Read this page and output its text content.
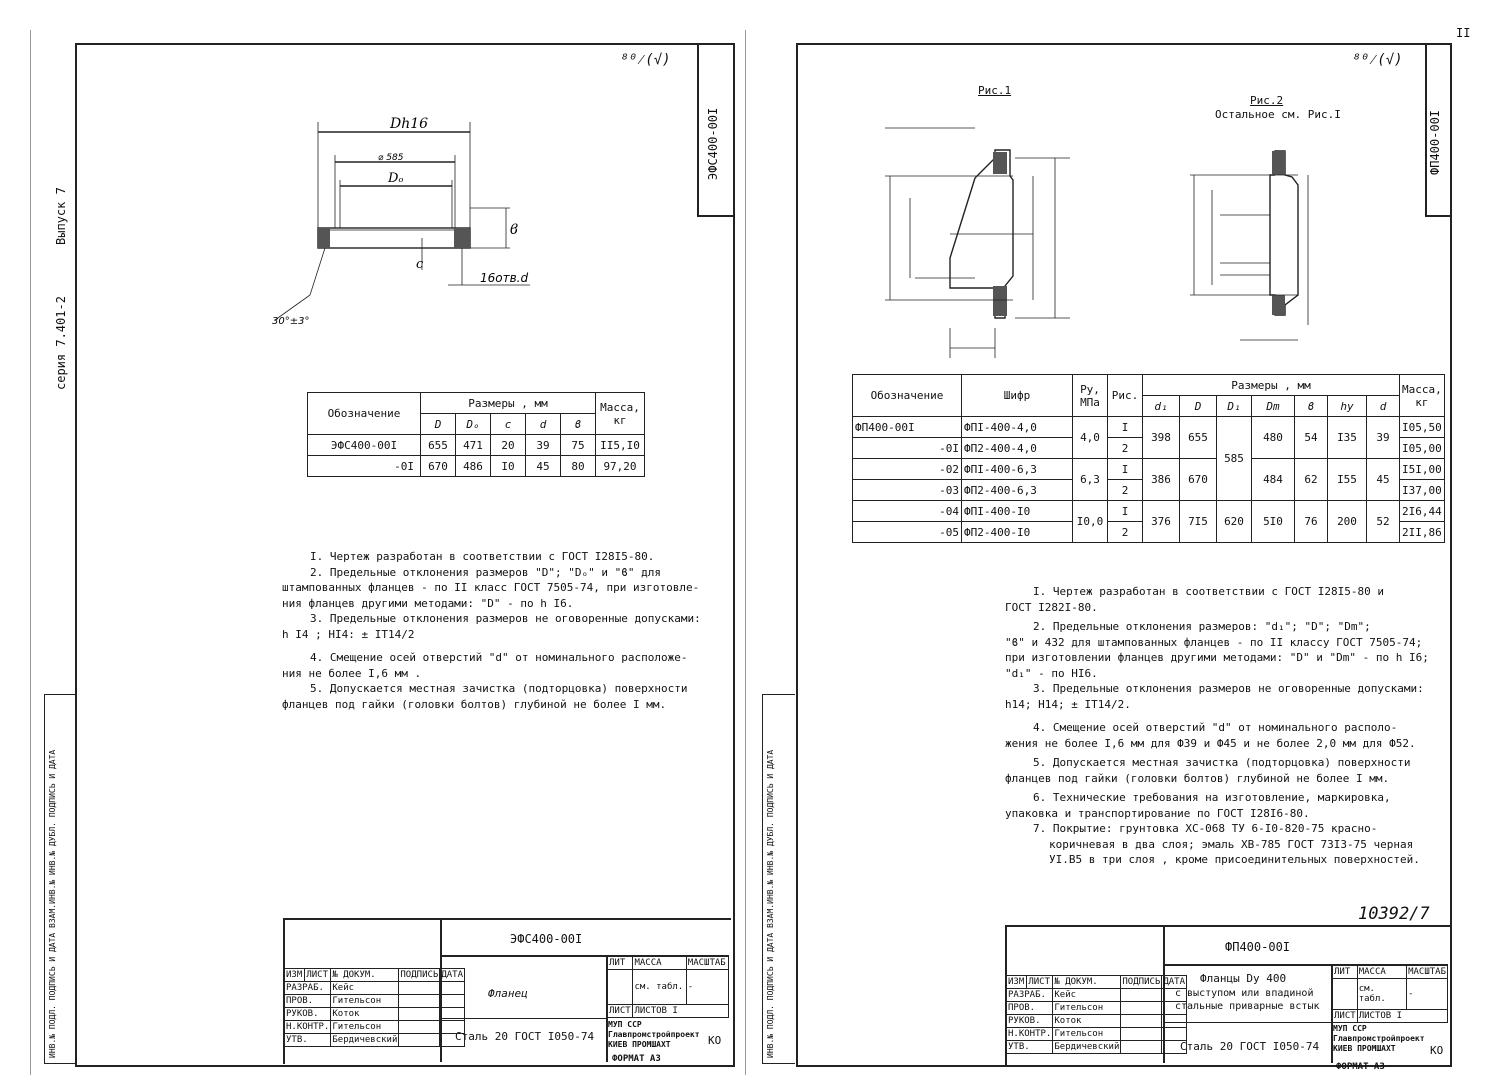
серия 7.401-2
Выпуск 7
ИНВ.№ ПОДЛ. ПОДПИСЬ И ДАТА ВЗАМ.ИНВ.№ ИНВ.№ ДУБЛ. ПОДПИСЬ И ДАТА
ЭФС400-00I
⁸⁰⁄(√)
Dh16
⌀ 585
Dₒ
ϐ
c
16отв.d
30°±3°
Обозначение	Размеры , мм					Масса, кг
	D	Dₒ	c	d	ϐ	
ЭФС400-00I	655	471	20	39	75	II5,I0
-0I	670	486	I0	45	80	97,20
I. Чертеж разработан в соответствии с ГОСТ I28I5-80.
2. Предельные отклонения размеров "D"; "Dₒ" и "ϐ" для
штампованных фланцев - по II класс ГОСТ 7505-74, при изготовле-
ния фланцев другими методами: "D" - по h I6.
3. Предельные отклонения размеров не оговоренные допусками:
h I4 ; HI4: ± IT14/2
4. Смещение осей отверстий "d" от номинального расположе-
ния не более I,6 мм .
5. Допускается местная зачистка (подторцовка) поверхности
фланцев под гайки (головки болтов) глубиной не более I мм.
ЭФС400-00I
Фланец
Сталь 20 ГОСТ I050-74
ИЗМ	ЛИСТ	№ ДОКУМ.	ПОДПИСЬ	ДАТА
РАЗРАБ.		Кейс		
ПРОВ.		Гительсон		
РУКОВ.		Коток		
Н.КОНТР.		Гительсон		
УТВ.		Бердичевский		
ЛИТ	МАССА	МАСШТАБ
	см. табл.	-
ЛИСТ	ЛИСТОВ I	
МУП ССР Главпромстройпроект КИЕВ ПРОМШАХТ	КО
ФОРМАТ А3
ИНВ.№ ПОДЛ. ПОДПИСЬ И ДАТА ВЗАМ.ИНВ.№ ИНВ.№ ДУБЛ. ПОДПИСЬ И ДАТА
ФП400-00I
II
⁸⁰⁄(√)
Рис.1
Рис.2
Остальное см. Рис.I
Обозначение	Шифр	Pу, МПа	Рис.	Размеры , мм							Масса, кг
				d₁	D	D₁	Dm	ϐ	hy	d	
ФП400-00I	ФПI-400-4,0	4,0	I	398	655	585	480	54	I35	39	I05,50
-0I	ФП2-400-4,0		2								I05,00
-02	ФПI-400-6,3	6,3	I	386	670		484	62	I55	45	I5I,00
-03	ФП2-400-6,3		2								I37,00
-04	ФПI-400-I0	I0,0	I	376	7I5	620	5I0	76	200	52	2I6,44
-05	ФП2-400-I0		2								2II,86
I. Чертеж разработан в соответствии с ГОСТ I28I5-80 и
ГОСТ I282I-80.
2. Предельные отклонения размеров: "d₁"; "D"; "Dm";
"ϐ" и 432 для штампованных фланцев - по II классу ГОСТ 7505-74;
при изготовлении фланцев другими методами: "D" и "Dm" - по h I6;
"d₁" - по HI6.
3. Предельные отклонения размеров не оговоренные допусками:
h14; H14; ± IT14/2.
4. Смещение осей отверстий "d" от номинального располо-
жения не более I,6 мм для Ф39 и Ф45 и не более 2,0 мм для Ф52.
5. Допускается местная зачистка (подторцовка) поверхности
фланцев под гайки (головки болтов) глубиной не более I мм.
6. Технические требования на изготовление, маркировка,
упаковка и транспортирование по ГОСТ I28I6-80.
7. Покрытие: грунтовка ХС-068 ТУ 6-I0-820-75 красно-
коричневая в два слоя; эмаль ХВ-785 ГОСТ 73I3-75 черная
УI.В5 в три слоя , кроме присоединительных поверхностей.
10392/7
ФП400-00I
Фланцы Dу 400
с выступом или впадиной
стальные приварные встык
Сталь 20 ГОСТ I050-74
ИЗМ	ЛИСТ	№ ДОКУМ.	ПОДПИСЬ	ДАТА
РАЗРАБ.		Кейс		
ПРОВ.		Гительсон		
РУКОВ.		Коток		
Н.КОНТР.		Гительсон		
УТВ.		Бердичевский		
ЛИТ	МАССА	МАСШТАБ
	см. табл.	-
ЛИСТ	ЛИСТОВ I	
МУП ССР Главпромстройпроект КИЕВ ПРОМШАХТ	КО
ФОРМАТ А3
